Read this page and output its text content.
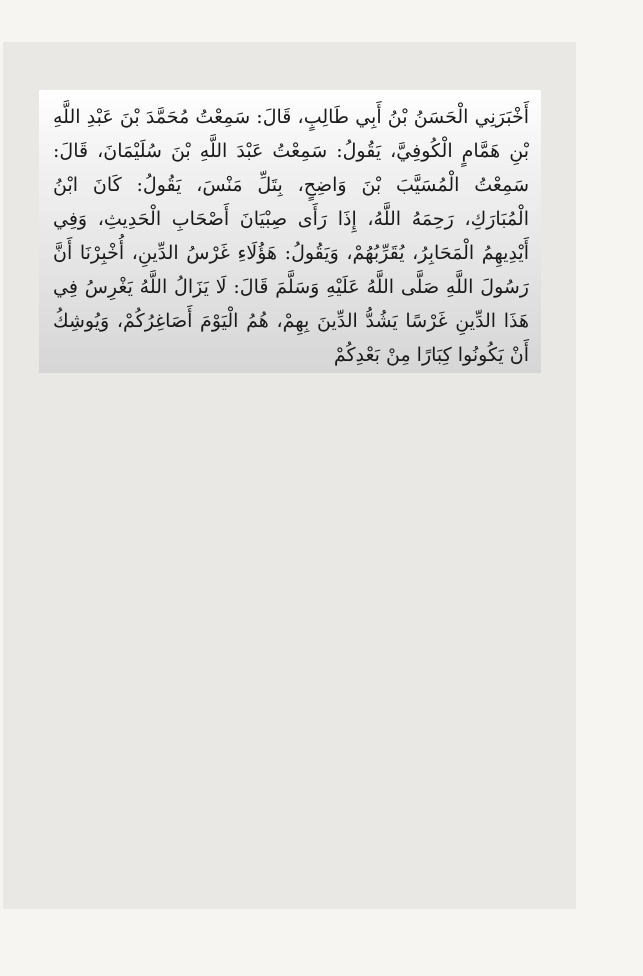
أَخْبَرَنِي الْحَسَنُ بْنُ أَبِي طَالِبٍ، قَالَ: سَمِعْتُ مُحَمَّدَ بْنَ عَبْدِ اللَّهِ بْنِ هَمَّامٍ الْكُوفِيَّ، يَقُولُ: سَمِعْتُ عَبْدَ اللَّهِ بْنَ سُلَيْمَانَ، قَالَ: سَمِعْتُ الْمُسَيَّبَ بْنَ وَاضِحٍ، بِتَلِّ مَنْسَ، يَقُولُ: كَانَ ابْنُ الْمُبَارَكِ، رَحِمَهُ اللَّهُ، إِذَا رَأَى صِبْيَانَ أَصْحَابِ الْحَدِيثِ، وَفِي أَيْدِيهِمُ الْمَحَابِرُ، يُقَرِّبُهُمْ، وَيَقُولُ: هَؤُلَاءِ غَرْسُ الدِّينِ، أُخْبِرْنَا أَنَّ رَسُولَ اللَّهِ صَلَّى اللَّهُ عَلَيْهِ وَسَلَّمَ قَالَ: لَا يَزَالُ اللَّهُ يَغْرِسُ فِي هَذَا الدِّينِ غَرْسًا يَشُدُّ الدِّينَ بِهِمْ، هُمُ الْيَوْمَ أَصَاغِرُكُمْ، وَيُوشِكُ أَنْ يَكُونُوا كِبَارًا مِنْ بَعْدِكُمْ
